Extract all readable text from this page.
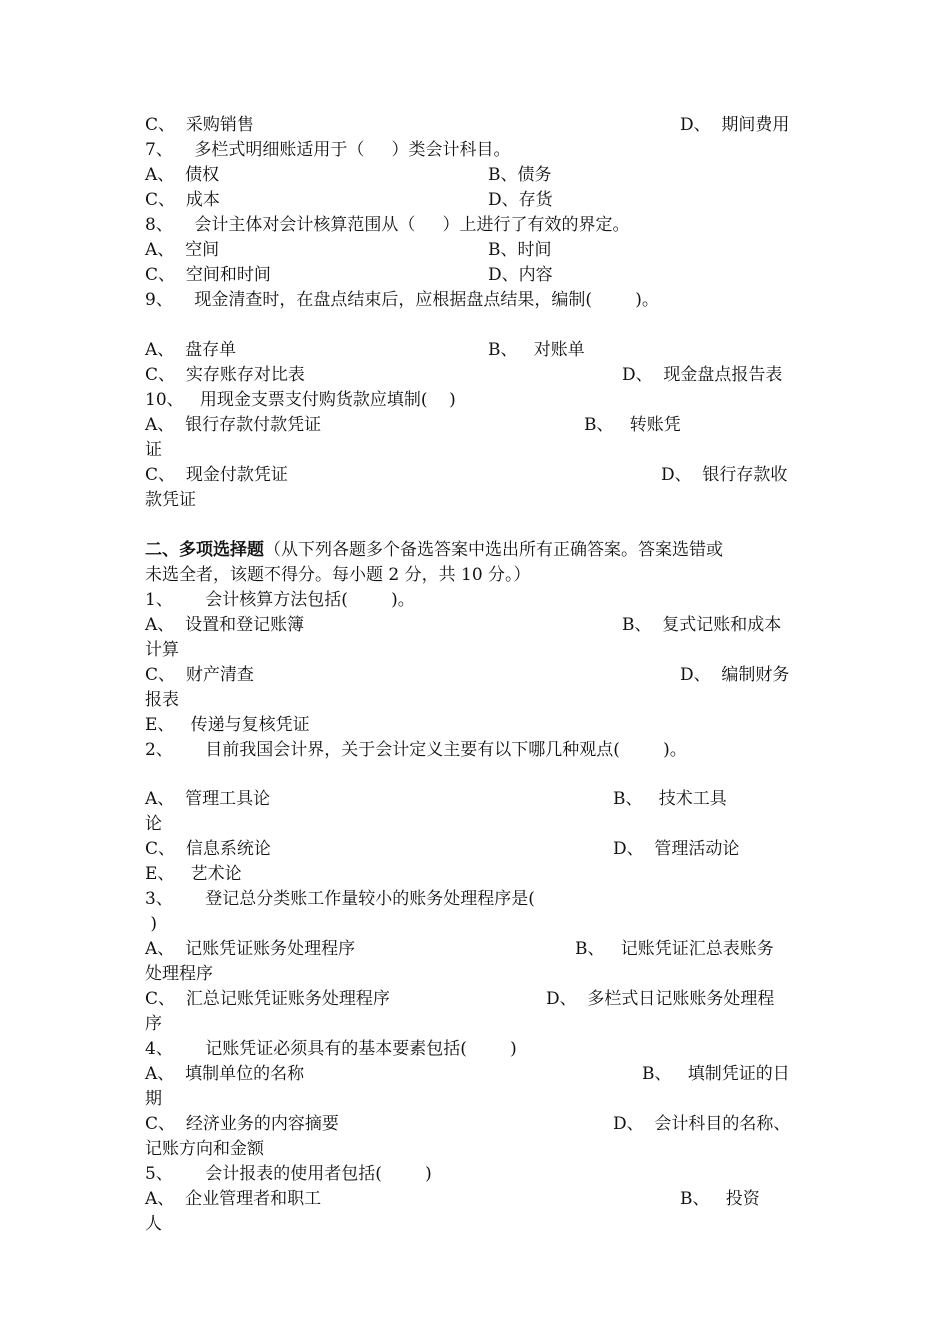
C、  采购销售	D、  期间费用
7、    多栏式明细账适用于（     ）类会计科目。
A、  债权	B、债务
C、  成本	D、存货
8、    会计主体对会计核算范围从（     ）上进行了有效的界定。
A、  空间	B、时间
C、  空间和时间	D、内容
9、    现金清查时，在盘点结束后，应根据盘点结果，编制(        )。
A、  盘存单	B、   对账单
C、  实存账存对比表	D、  现金盘点报告表
10、   用现金支票支付购货款应填制(    )
A、  银行存款付款凭证	B、   转账凭
证
C、  现金付款凭证	D、  银行存款收
款凭证
二、多项选择题（从下列各题多个备选答案中选出所有正确答案。答案选错或
未选全者，该题不得分。每小题 2 分，共 10 分。）
1、      会计核算方法包括(        )。
A、  设置和登记账簿	B、  复式记账和成本
计算
C、  财产清查	D、  编制财务
报表
E、   传递与复核凭证
2、      目前我国会计界，关于会计定义主要有以下哪几种观点(        )。
A、  管理工具论	B、   技术工具
论
C、  信息系统论	D、  管理活动论
E、   艺术论
3、      登记总分类账工作量较小的账务处理程序是(
)
A、  记账凭证账务处理程序	B、   记账凭证汇总表账务
处理程序
C、  汇总记账凭证账务处理程序	D、  多栏式日记账账务处理程
序
4、      记账凭证必须具有的基本要素包括(        )
A、  填制单位的名称	B、   填制凭证的日
期
C、  经济业务的内容摘要	D、  会计科目的名称、
记账方向和金额
5、      会计报表的使用者包括(        )
A、  企业管理者和职工	B、   投资
人
